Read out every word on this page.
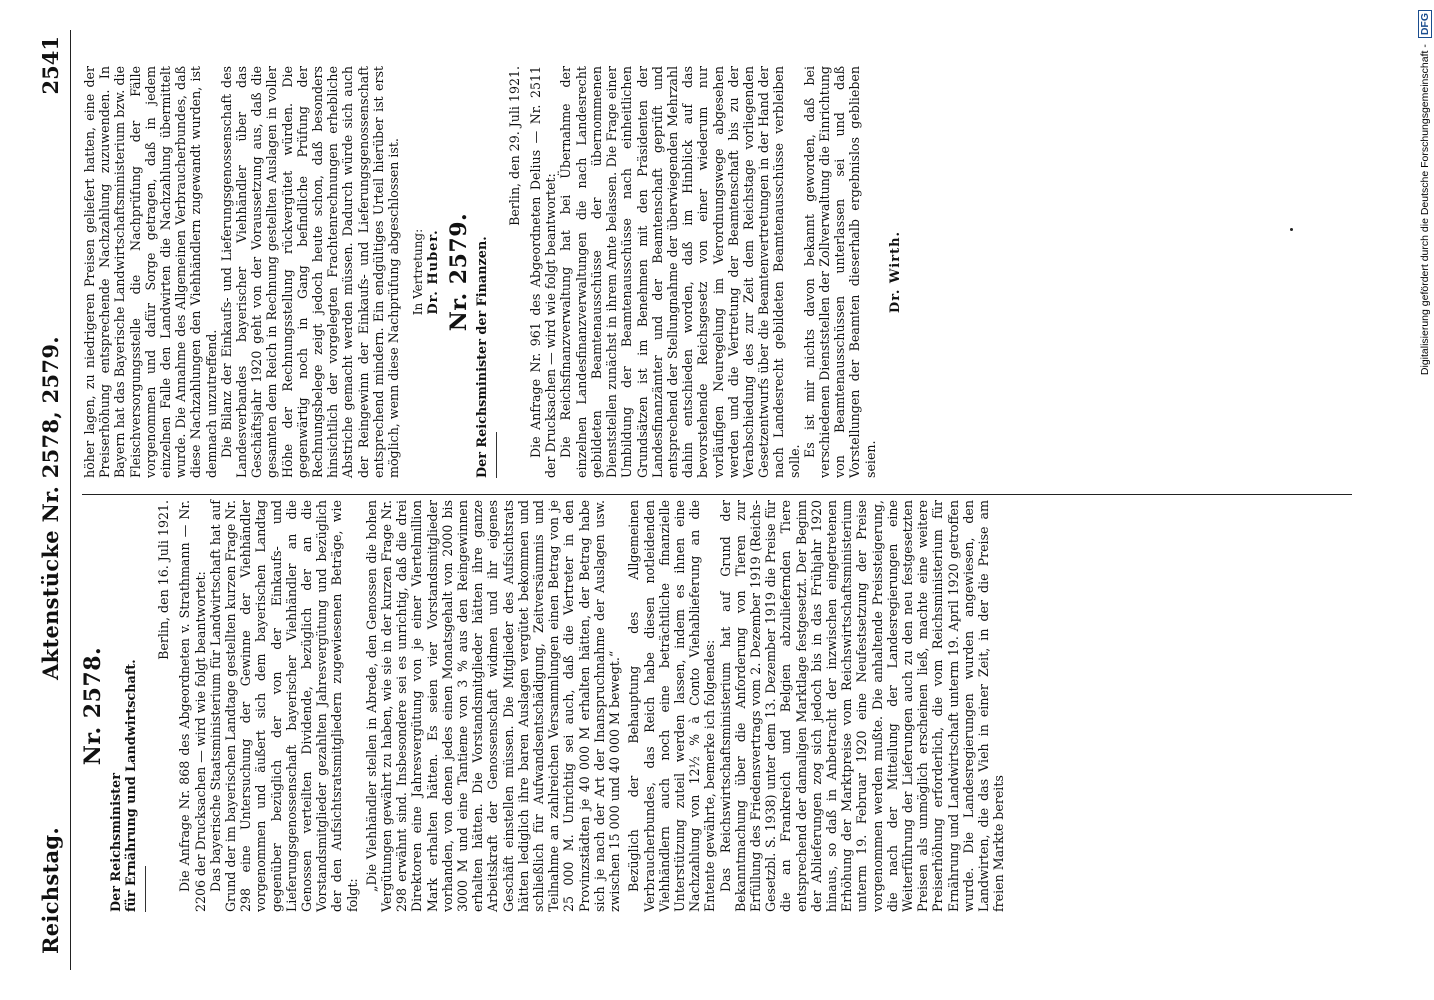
Reichstag.
Aktenstücke Nr. 2578, 2579.
2541
Nr. 2578.

Der Reichsminister für Ernährung und Landwirtschaft.

Berlin, den 16. Juli 1921. Die Anfrage Nr. 868 des Abgeordneten v. Strathmann — Nr. 2206 der Drucksachen — wird wie folgt beantwortet: Das bayerische Staatsministerium für Landwirtschaft hat auf Grund der im bayerischen Landtage gestellten kurzen Frage Nr. 298 eine Untersuchung der Gewinne der Viehhändler vorgenommen und äußert sich dem bayerischen Landtag gegenüber bezüglich der von der Einkaufs- und Lieferungsgenossenschaft bayerischer Viehhändler an die Genossen verteilten Dividende, bezüglich der an die Vorstandsmitglieder gezahlten Jahresvergütung und bezüglich der den Aufsichtsratsmitgliedern zugewiesenen Beträge, wie folgt:

„Die Viehhändler stellen in Abrede, den Genossen die hohen Vergütungen gewährt zu haben, wie sie in der kurzen Frage Nr. 298 erwähnt sind. Insbesondere sei es unrichtig, daß die drei Direktoren eine Jahresvergütung von je einer Viertelmillion Mark erhalten hätten. Es seien vier Vorstandsmitglieder vorhanden, von denen jedes einen Monatsgehalt von 2000 bis 3000 M und eine Tantieme von 3 % aus den Reingewinnen erhalten hätten. Die Vorstandsmitglieder hätten ihre ganze Arbeitskraft der Genossenschaft widmen und ihr eigenes Geschäft einstellen müssen. Die Mitglieder des Aufsichtsrats hätten lediglich ihre baren Auslagen vergütet bekommen und schließlich für Aufwandsentschädigung, Zeitversäumnis und Teilnahme an zahlreichen Versammlungen einen Betrag von je 25 000 M. Unrichtig sei auch, daß die Vertreter in den Provinzstädten je 40 000 M erhalten hätten, der Betrag habe sich je nach der Art der Inanspruchnahme der Auslagen usw. zwischen 15 000 und 40 000 M bewegt.“ Bezüglich der Behauptung des Allgemeinen Verbraucherbundes, das Reich habe diesen notleidenden Viehhändlern auch noch eine beträchtliche finanzielle Unterstützung zuteil werden lassen, indem es ihnen eine Nachzahlung von 12½ % à Conto Viehablieferung an die Entente gewährte, bemerke ich folgendes: Das Reichswirtschaftsministerium hat auf Grund der Bekanntmachung über die Anforderung von Tieren zur Erfüllung des Friedensvertrags vom 2. Dezember 1919 (Reichs-Gesetzbl. S. 1938) unter dem 13. Dezember 1919 die Preise für die an Frankreich und Belgien abzuliefernden Tiere entsprechend der damaligen Marktlage festgesetzt. Der Beginn der Ablieferungen zog sich jedoch bis in das Frühjahr 1920 hinaus, so daß in Anbetracht der inzwischen eingetretenen Erhöhung der Marktpreise vom Reichswirtschaftsministerium unterm 19. Februar 1920 eine Neufestsetzung der Preise vorgenommen werden mußte. Die anhaltende Preissteigerung, die nach der Mitteilung der Landesregierungen eine Weiterführung der Lieferungen auch zu den neu festgesetzten Preisen als unmöglich erscheinen ließ, machte eine weitere Preiserhöhung erforderlich, die vom Reichsministerium für Ernährung und Landwirtschaft unterm 19. April 1920 getroffen wurde. Die Landesregierungen wurden angewiesen, den Landwirten, die das Vieh in einer Zeit, in der die Preise am freien Markte bereits

höher lagen, zu niedrigeren Preisen geliefert hatten, eine der Preiserhöhung entsprechende Nachzahlung zuzuwenden. In Bayern hat das Bayerische Landwirtschaftsministerium bzw. die Fleischversorgungsstelle die Nachprüfung der Fälle vorgenommen und dafür Sorge getragen, daß in jedem einzelnen Falle den Landwirten die Nachzahlung übermittelt wurde. Die Annahme des Allgemeinen Verbraucherbundes, daß diese Nachzahlungen den Viehhändlern zugewandt wurden, ist demnach unzutreffend. Die Bilanz der Einkaufs- und Lieferungsgenossenschaft des Landesverbandes bayerischer Viehhändler über das Geschäftsjahr 1920 geht von der Voraussetzung aus, daß die gesamten dem Reich in Rechnung gestellten Auslagen in voller Höhe der Rechnungsstellung rückvergütet würden. Die gegenwärtig noch in Gang befindliche Prüfung der Rechnungsbelege zeigt jedoch heute schon, daß besonders hinsichtlich der vorgelegten Frachtenrechnungen erhebliche Abstriche gemacht werden müssen. Dadurch würde sich auch der Reingewinn der Einkaufs- und Lieferungsgenossenschaft entsprechend mindern. Ein endgültiges Urteil hierüber ist erst möglich, wenn diese Nachprüfung abgeschlossen ist. In Vertretung: Dr. Huber. Nr. 2579. Der Reichsminister der Finanzen.

Berlin, den 29. Juli 1921. Die Anfrage Nr. 961 des Abgeordneten Delius — Nr. 2511 der Drucksachen — wird wie folgt beantwortet: Die Reichsfinanzverwaltung hat bei Übernahme der einzelnen Landesfinanzverwaltungen die nach Landesrecht gebildeten Beamtenausschüsse der übernommenen Dienststellen zunächst in ihrem Amte belassen. Die Frage einer Umbildung der Beamtenausschüsse nach einheitlichen Grundsätzen ist im Benehmen mit den Präsidenten der Landesfinanzämter und der Beamtenschaft geprüft und entsprechend der Stellungnahme der überwiegenden Mehrzahl dahin entschieden worden, daß im Hinblick auf das bevorstehende Reichsgesetz von einer wiederum nur vorläufigen Neuregelung im Verordnungswege abgesehen werden und die Vertretung der Beamtenschaft bis zu der Verabschiedung des zur Zeit dem Reichstage vorliegenden Gesetzentwurfs über die Beamtenvertretungen in der Hand der nach Landesrecht gebildeten Beamtenausschüsse verbleiben solle.

Es ist mir nichts davon bekannt geworden, daß bei verschiedenen Dienststellen der Zollverwaltung die Einrichtung von Beamtenausschüssen unterlassen sei und daß Vorstellungen der Beamten dieserhalb ergebnislos geblieben seien.

Dr. Wirth.	Digitalisierung gefördert durch die Deutsche Forschungsgemeinschaft -DFG
